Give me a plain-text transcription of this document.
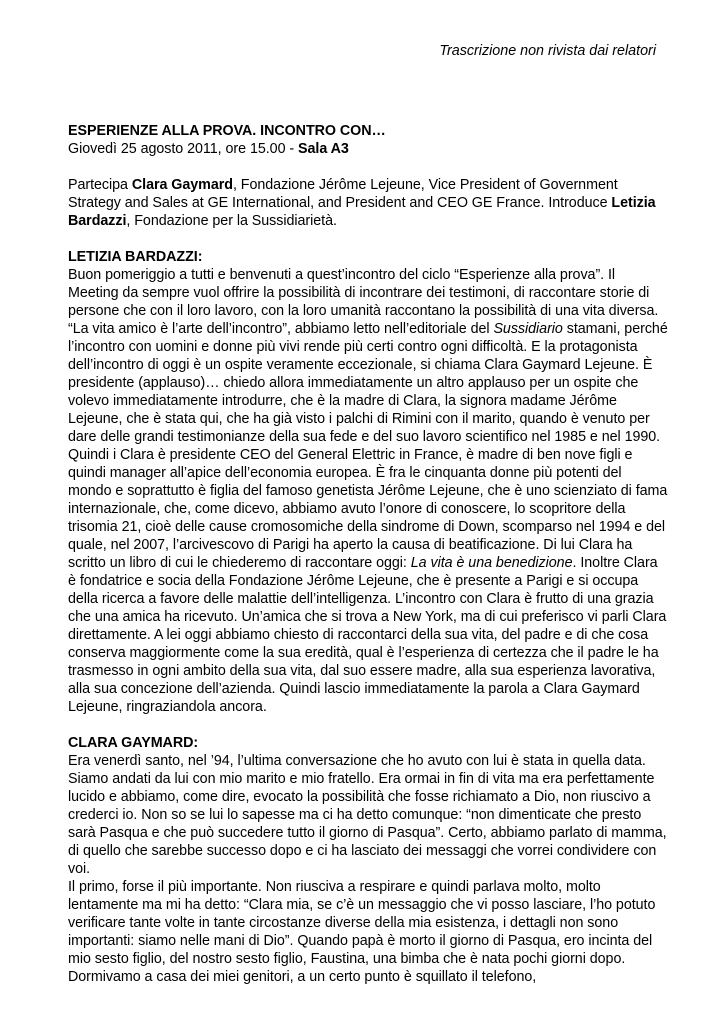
Trascrizione non rivista dai relatori

ESPERIENZE ALLA PROVA. INCONTRO CON…

Giovedì 25 agosto 2011, ore 15.00 - Sala A3

Partecipa Clara Gaymard, Fondazione Jérôme Lejeune, Vice President of Government Strategy and Sales at GE International, and President and CEO GE France. Introduce Letizia Bardazzi, Fondazione per la Sussidiarietà.

LETIZIA BARDAZZI:

Buon pomeriggio a tutti e benvenuti a quest’incontro del ciclo “Esperienze alla prova”. Il Meeting da sempre vuol offrire la possibilità di incontrare dei testimoni, di raccontare storie di persone che con il loro lavoro, con la loro umanità raccontano la possibilità di una vita diversa. “La vita amico è l’arte dell’incontro”, abbiamo letto nell’editoriale del Sussidiario stamani, perché l’incontro con uomini e donne più vivi rende più certi contro ogni difficoltà. E la protagonista dell’incontro di oggi è un ospite veramente eccezionale, si chiama Clara Gaymard Lejeune. È presidente (applauso)… chiedo allora immediatamente un altro applauso per un ospite che volevo immediatamente introdurre, che è la madre di Clara, la signora madame Jérôme Lejeune, che è stata qui, che ha già visto i palchi di Rimini con il marito, quando è venuto per dare delle grandi testimonianze della sua fede e del suo lavoro scientifico nel 1985 e nel 1990. Quindi i Clara è presidente CEO del General Elettric in France, è madre di ben nove figli e quindi manager all’apice dell’economia europea. È fra le cinquanta donne più potenti del mondo e soprattutto è figlia del famoso genetista Jérôme Lejeune, che è uno scienziato di fama internazionale, che, come dicevo, abbiamo avuto l’onore di conoscere, lo scopritore della trisomia 21, cioè delle cause cromosomiche della sindrome di Down, scomparso nel 1994 e del quale, nel 2007, l’arcivescovo di Parigi ha aperto la causa di beatificazione. Di lui Clara ha scritto un libro di cui le chiederemo di raccontare oggi: La vita è una benedizione. Inoltre Clara è fondatrice e socia della Fondazione Jérôme Lejeune, che è presente a Parigi e si occupa della ricerca a favore delle malattie dell’intelligenza. L’incontro con Clara è frutto di una grazia che una amica ha ricevuto. Un’amica che si trova a New York, ma di cui preferisco vi parli Clara direttamente. A lei oggi abbiamo chiesto di raccontarci della sua vita, del padre e di che cosa conserva maggiormente come la sua eredità, qual è l’esperienza di certezza che il padre le ha trasmesso in ogni ambito della sua vita, dal suo essere madre, alla sua esperienza lavorativa, alla sua concezione dell’azienda. Quindi lascio immediatamente la parola a Clara Gaymard Lejeune, ringraziandola ancora.

CLARA GAYMARD:

Era venerdì santo, nel ’94, l’ultima conversazione che ho avuto con lui è stata in quella data. Siamo andati da lui con mio marito e mio fratello. Era ormai in fin di vita ma era perfettamente lucido e abbiamo, come dire, evocato la possibilità che fosse richiamato a Dio, non riuscivo a crederci io. Non so se lui lo sapesse ma ci ha detto comunque: “non dimenticate che presto sarà Pasqua e che può succedere tutto il giorno di Pasqua”. Certo, abbiamo parlato di mamma, di quello che sarebbe successo dopo e ci ha lasciato dei messaggi che vorrei condividere con voi.

Il primo, forse il più importante. Non riusciva a respirare e quindi parlava molto, molto lentamente ma mi ha detto: “Clara mia, se c’è un messaggio che vi posso lasciare, l’ho potuto verificare tante volte in tante circostanze diverse della mia esistenza, i dettagli non sono importanti: siamo nelle mani di Dio”. Quando papà è morto il giorno di Pasqua, ero incinta del mio sesto figlio, del nostro sesto figlio, Faustina, una bimba che è nata pochi giorni dopo. Dormivamo a casa dei miei genitori, a un certo punto è squillato il telefono,
